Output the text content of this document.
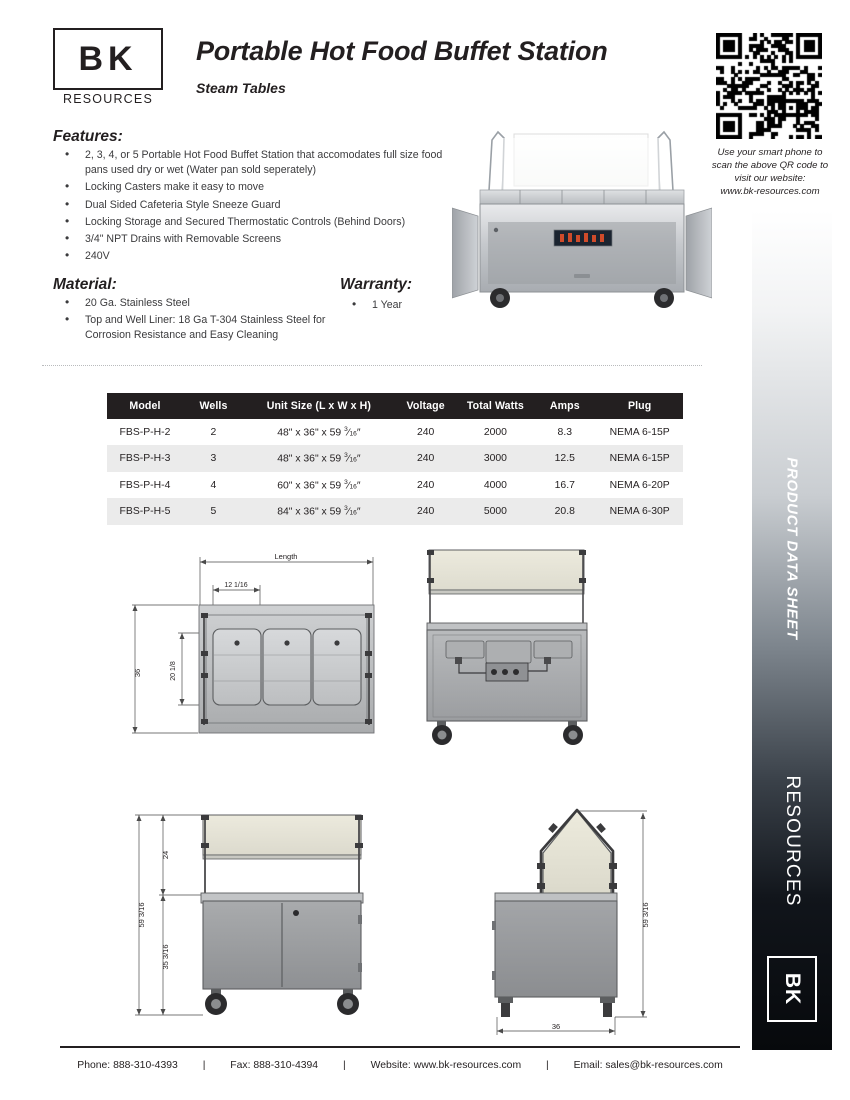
BK
RESOURCES
Portable Hot Food Buffet Station
Steam Tables
Use your smart phone to
scan the above QR code to
visit our website:
www.bk-resources.com
PRODUCT DATA SHEET
RESOURCES
BK
Features:
• 2, 3, 4, or 5 Portable Hot Food Buffet Station that accomodates full size food pans used dry or wet (Water pan sold seperately)
• Locking Casters make it easy to move
• Dual Sided Cafeteria Style Sneeze Guard
• Locking Storage and Secured Thermostatic Controls (Behind Doors)
• 3/4" NPT Drains with Removable Screens
• 240V
Material:
• 20 Ga. Stainless Steel
• Top and Well Liner: 18 Ga T-304 Stainless Steel for Corrosion Resistance and Easy Cleaning
Warranty:
• 1 Year
Model	Wells	Unit Size (L x W x H)	Voltage	Total Watts	Amps	Plug
FBS-P-H-2	2	48" x 36" x 59 $^3$⁄16″	240	2000	8.3	NEMA 6-15P
FBS-P-H-3	3	48" x 36" x 59 $^3$⁄16″	240	3000	12.5	NEMA 6-15P
FBS-P-H-4	4	60" x 36" x 59 $^3$⁄16″	240	4000	16.7	NEMA 6-20P
FBS-P-H-5	5	84" x 36" x 59 $^3$⁄16″	240	5000	20.8	NEMA 6-30P
Length
12 1/16
36	20 1/8
59 3/16
24
35 3/16
59 3/16
36
Phone: 888-310-4393 | Fax: 888-310-4394 | Website: www.bk-resources.com | Email: sales@bk-resources.com
